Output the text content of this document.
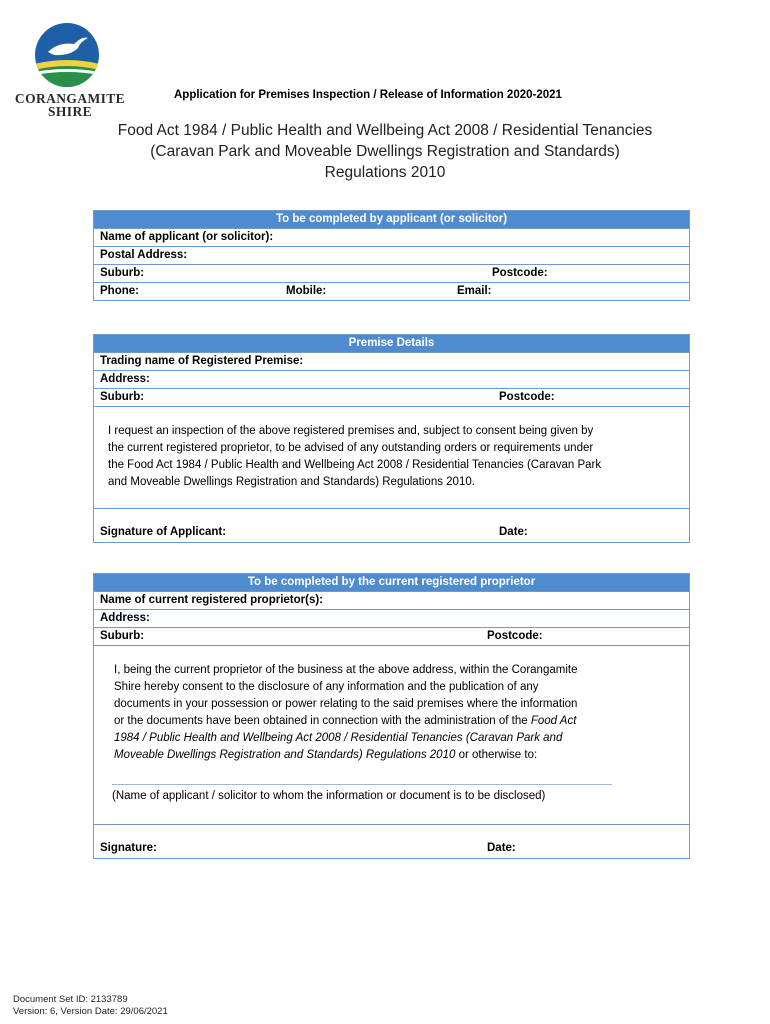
CORANGAMITE
SHIRE
Application for Premises Inspection / Release of Information 2020-2021
Food Act 1984 / Public Health and Wellbeing Act 2008 / Residential Tenancies
(Caravan Park and Moveable Dwellings Registration and Standards)
Regulations 2010
To be completed by applicant (or solicitor)
Name of applicant (or solicitor):
Postal Address:
Suburb:	Postcode:
Phone:	Mobile:	Email:
Premise Details
Trading name of Registered Premise:
Address:
Suburb:	Postcode:
I request an inspection of the above registered premises and, subject to consent being given by
the current registered proprietor, to be advised of any outstanding orders or requirements under
the Food Act 1984 / Public Health and Wellbeing Act 2008 / Residential Tenancies (Caravan Park
and Moveable Dwellings Registration and Standards) Regulations 2010.
Signature of Applicant:	Date:
To be completed by the current registered proprietor
Name of current registered proprietor(s):
Address:
Suburb:	Postcode:
I, being the current proprietor of the business at the above address, within the Corangamite
Shire hereby consent to the disclosure of any information and the publication of any
documents in your possession or power relating to the said premises where the information
or the documents have been obtained in connection with the administration of the Food Act
1984 / Public Health and Wellbeing Act 2008 / Residential Tenancies (Caravan Park and
Moveable Dwellings Registration and Standards) Regulations 2010 or otherwise to:
(Name of applicant / solicitor to whom the information or document is to be disclosed)
Signature:	Date:
Document Set ID: 2133789
Version: 6, Version Date: 29/06/2021
